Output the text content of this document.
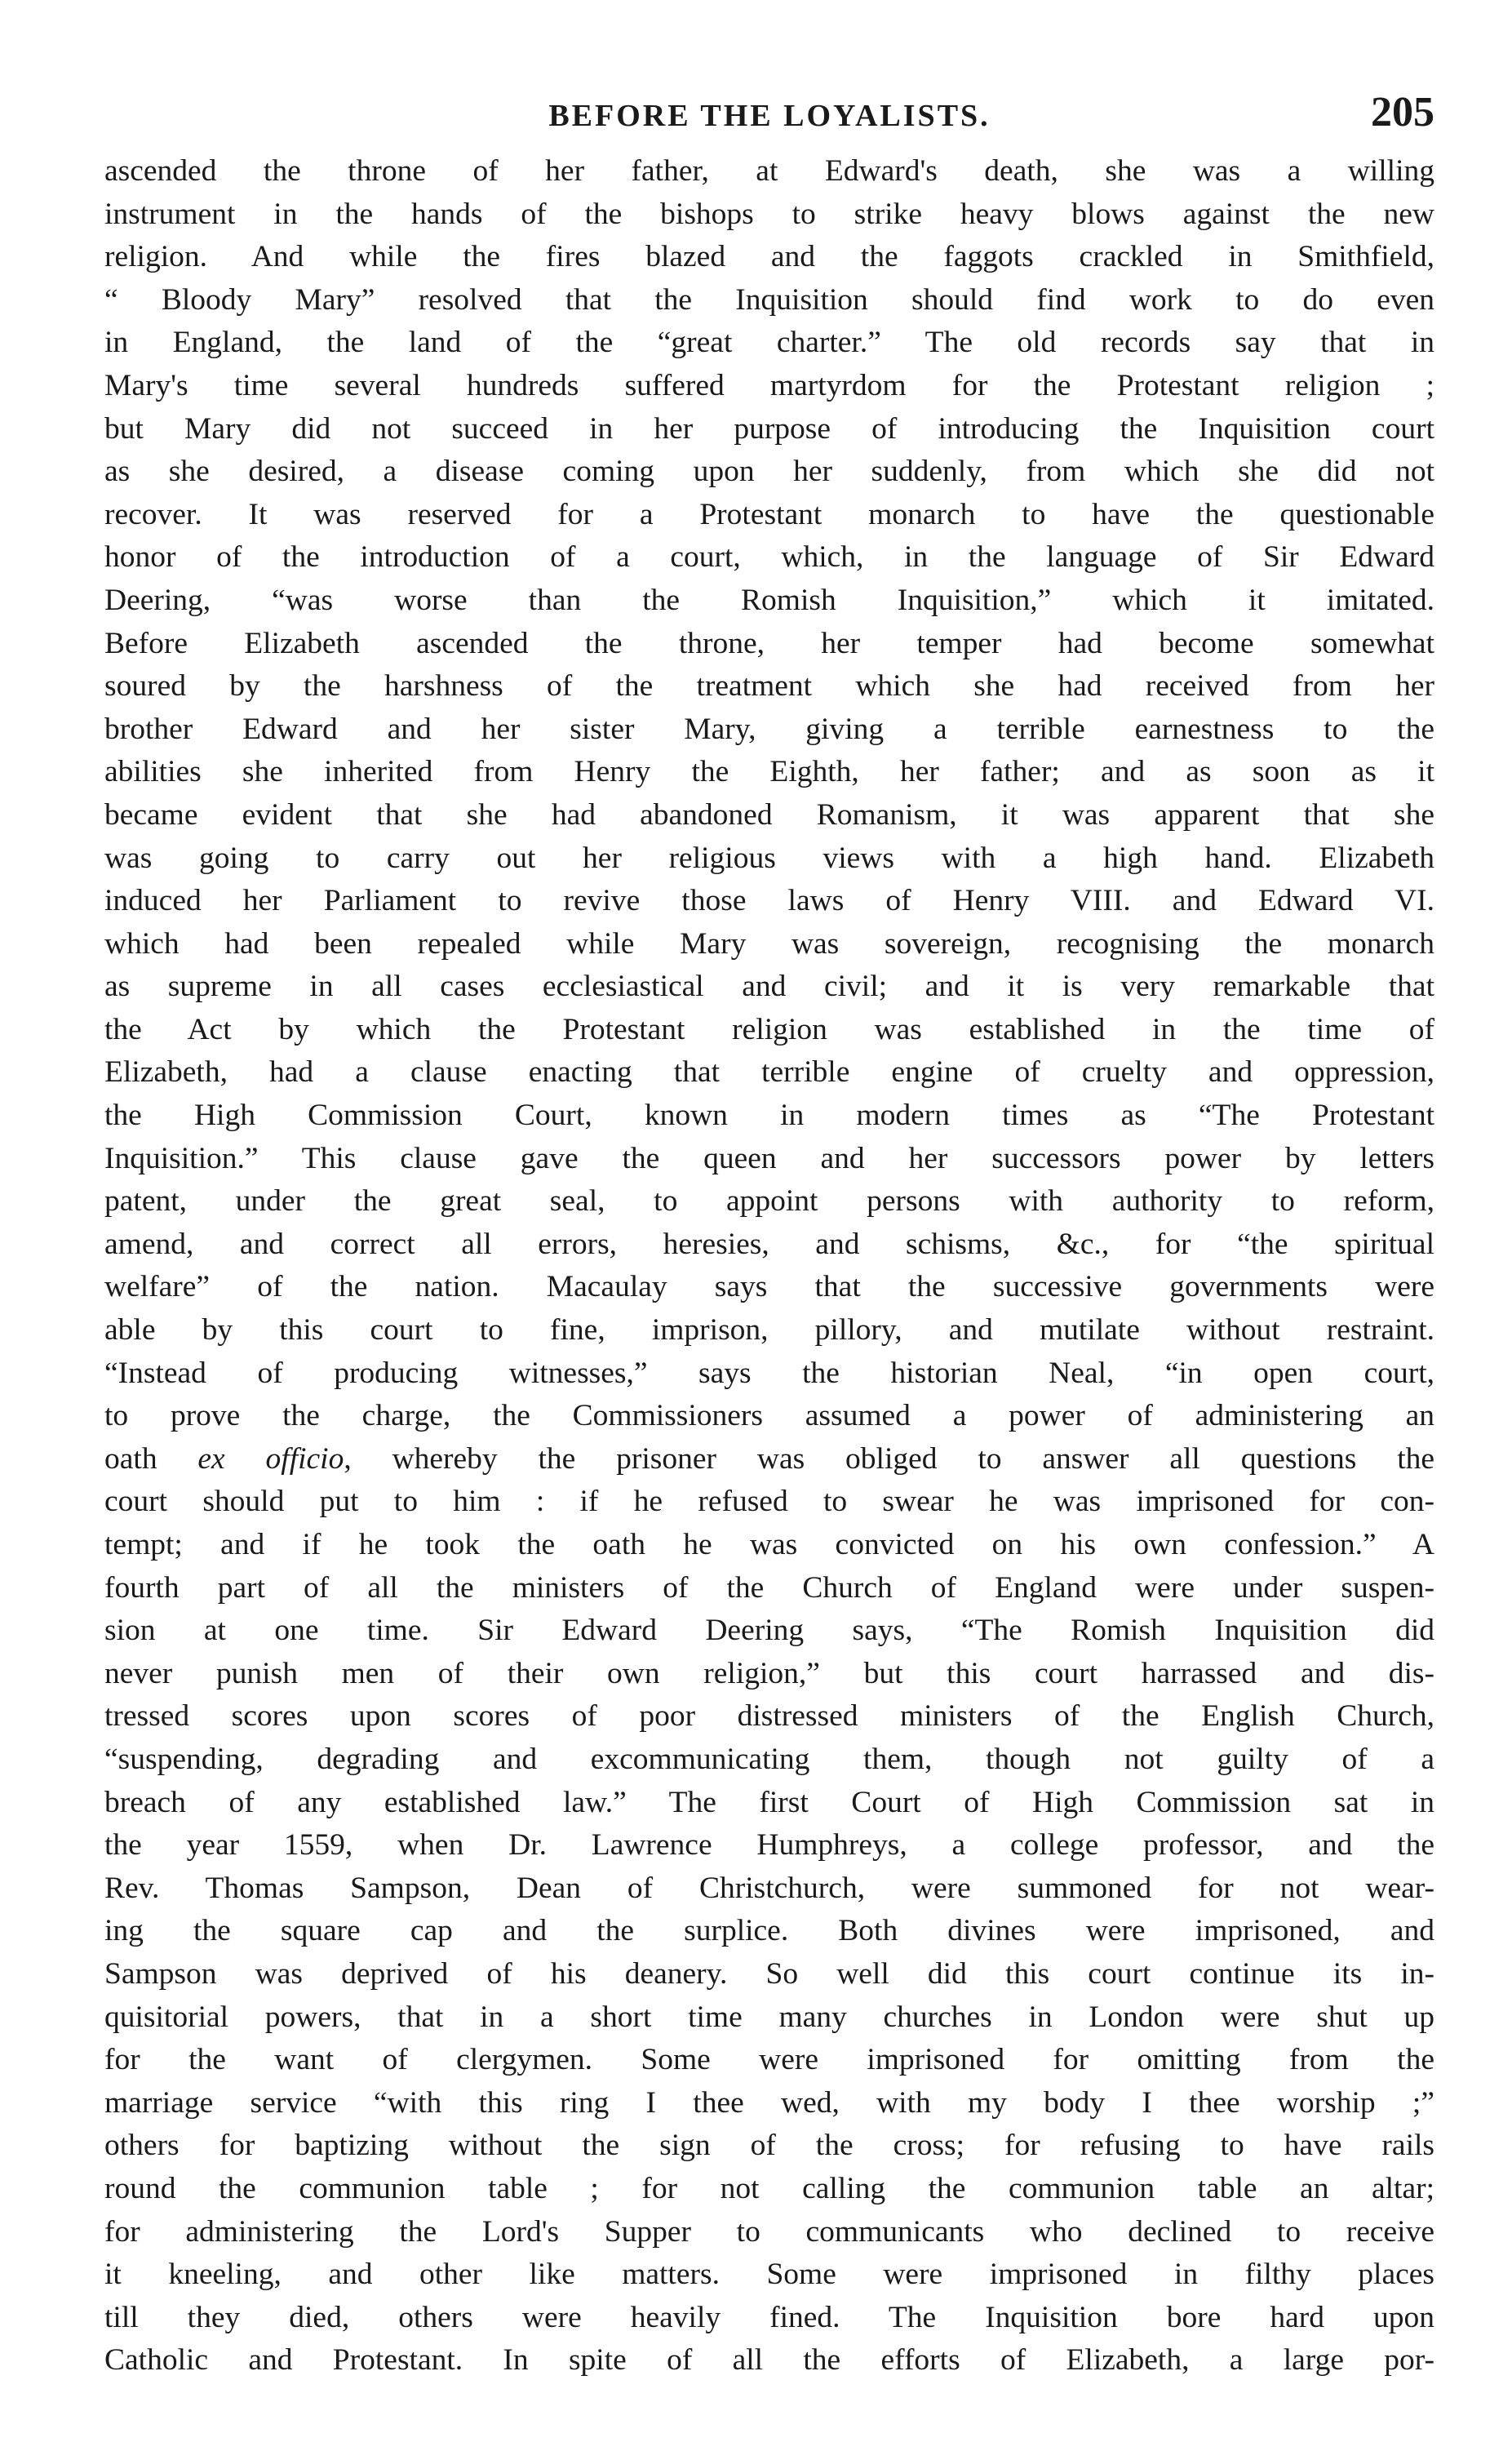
BEFORE THE LOYALISTS.	205
ascended the throne of her father, at Edward's death, she was a willing
instrument in the hands of the bishops to strike heavy blows against the new
religion. And while the fires blazed and the faggots crackled in Smithfield,
“ Bloody Mary” resolved that the Inquisition should find work to do even
in England, the land of the “great charter.” The old records say that in
Mary's time several hundreds suffered martyrdom for the Protestant religion ;
but Mary did not succeed in her purpose of introducing the Inquisition court
as she desired, a disease coming upon her suddenly, from which she did not
recover. It was reserved for a Protestant monarch to have the questionable
honor of the introduction of a court, which, in the language of Sir Edward
Deering, “was worse than the Romish Inquisition,” which it imitated.
Before Elizabeth ascended the throne, her temper had become somewhat
soured by the harshness of the treatment which she had received from her
brother Edward and her sister Mary, giving a terrible earnestness to the
abilities she inherited from Henry the Eighth, her father; and as soon as it
became evident that she had abandoned Romanism, it was apparent that she
was going to carry out her religious views with a high hand. Elizabeth
induced her Parliament to revive those laws of Henry VIII. and Edward VI.
which had been repealed while Mary was sovereign, recognising the monarch
as supreme in all cases ecclesiastical and civil; and it is very remarkable that
the Act by which the Protestant religion was established in the time of
Elizabeth, had a clause enacting that terrible engine of cruelty and oppression,
the High Commission Court, known in modern times as “The Protestant
Inquisition.” This clause gave the queen and her successors power by letters
patent, under the great seal, to appoint persons with authority to reform,
amend, and correct all errors, heresies, and schisms, &c., for “the spiritual
welfare” of the nation. Macaulay says that the successive governments were
able by this court to fine, imprison, pillory, and mutilate without restraint.
“Instead of producing witnesses,” says the historian Neal, “in open court,
to prove the charge, the Commissioners assumed a power of administering an
oath ex officio, whereby the prisoner was obliged to answer all questions the
court should put to him : if he refused to swear he was imprisoned for con-
tempt; and if he took the oath he was convicted on his own confession.” A
fourth part of all the ministers of the Church of England were under suspen-
sion at one time. Sir Edward Deering says, “The Romish Inquisition did
never punish men of their own religion,” but this court harrassed and dis-
tressed scores upon scores of poor distressed ministers of the English Church,
“suspending, degrading and excommunicating them, though not guilty of a
breach of any established law.” The first Court of High Commission sat in
the year 1559, when Dr. Lawrence Humphreys, a college professor, and the
Rev. Thomas Sampson, Dean of Christchurch, were summoned for not wear-
ing the square cap and the surplice. Both divines were imprisoned, and
Sampson was deprived of his deanery. So well did this court continue its in-
quisitorial powers, that in a short time many churches in London were shut up
for the want of clergymen. Some were imprisoned for omitting from the
marriage service “with this ring I thee wed, with my body I thee worship ;”
others for baptizing without the sign of the cross; for refusing to have rails
round the communion table ; for not calling the communion table an altar;
for administering the Lord's Supper to communicants who declined to receive
it kneeling, and other like matters. Some were imprisoned in filthy places
till they died, others were heavily fined. The Inquisition bore hard upon
Catholic and Protestant. In spite of all the efforts of Elizabeth, a large por-
